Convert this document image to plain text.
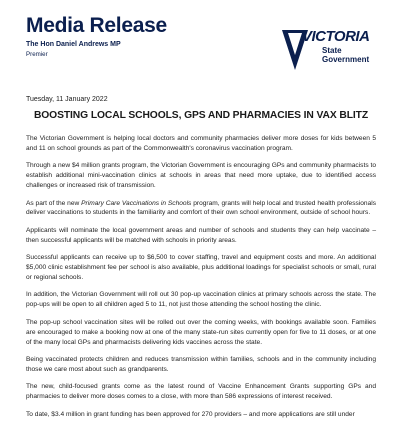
Media Release
The Hon Daniel Andrews MP
Premier
VICTORIA
State
Government
Tuesday, 11 January 2022
BOOSTING LOCAL SCHOOLS, GPS AND PHARMACIES IN VAX BLITZ

The Victorian Government is helping local doctors and community pharmacies deliver more doses for kids between 5 and 11 on school grounds as part of the Commonwealth's coronavirus vaccination program.

Through a new $4 million grants program, the Victorian Government is encouraging GPs and community pharmacists to establish additional mini-vaccination clinics at schools in areas that need more uptake, due to identified access challenges or increased risk of transmission.

As part of the new Primary Care Vaccinations in Schools program, grants will help local and trusted health professionals deliver vaccinations to students in the familiarity and comfort of their own school environment, outside of school hours.

Applicants will nominate the local government areas and number of schools and students they can help vaccinate – then successful applicants will be matched with schools in priority areas.

Successful applicants can receive up to $6,500 to cover staffing, travel and equipment costs and more. An additional $5,000 clinic establishment fee per school is also available, plus additional loadings for specialist schools or small, rural or regional schools.

In addition, the Victorian Government will roll out 30 pop-up vaccination clinics at primary schools across the state. The pop-ups will be open to all children aged 5 to 11, not just those attending the school hosting the clinic.

The pop-up school vaccination sites will be rolled out over the coming weeks, with bookings available soon. Families are encouraged to make a booking now at one of the many state-run sites currently open for five to 11 doses, or at one of the many local GPs and pharmacists delivering kids vaccines across the state.

Being vaccinated protects children and reduces transmission within families, schools and in the community including those we care most about such as grandparents.

The new, child-focused grants come as the latest round of Vaccine Enhancement Grants supporting GPs and pharmacies to deliver more doses comes to a close, with more than 586 expressions of interest received.

To date, $3.4 million in grant funding has been approved for 270 providers – and more applications are still under
